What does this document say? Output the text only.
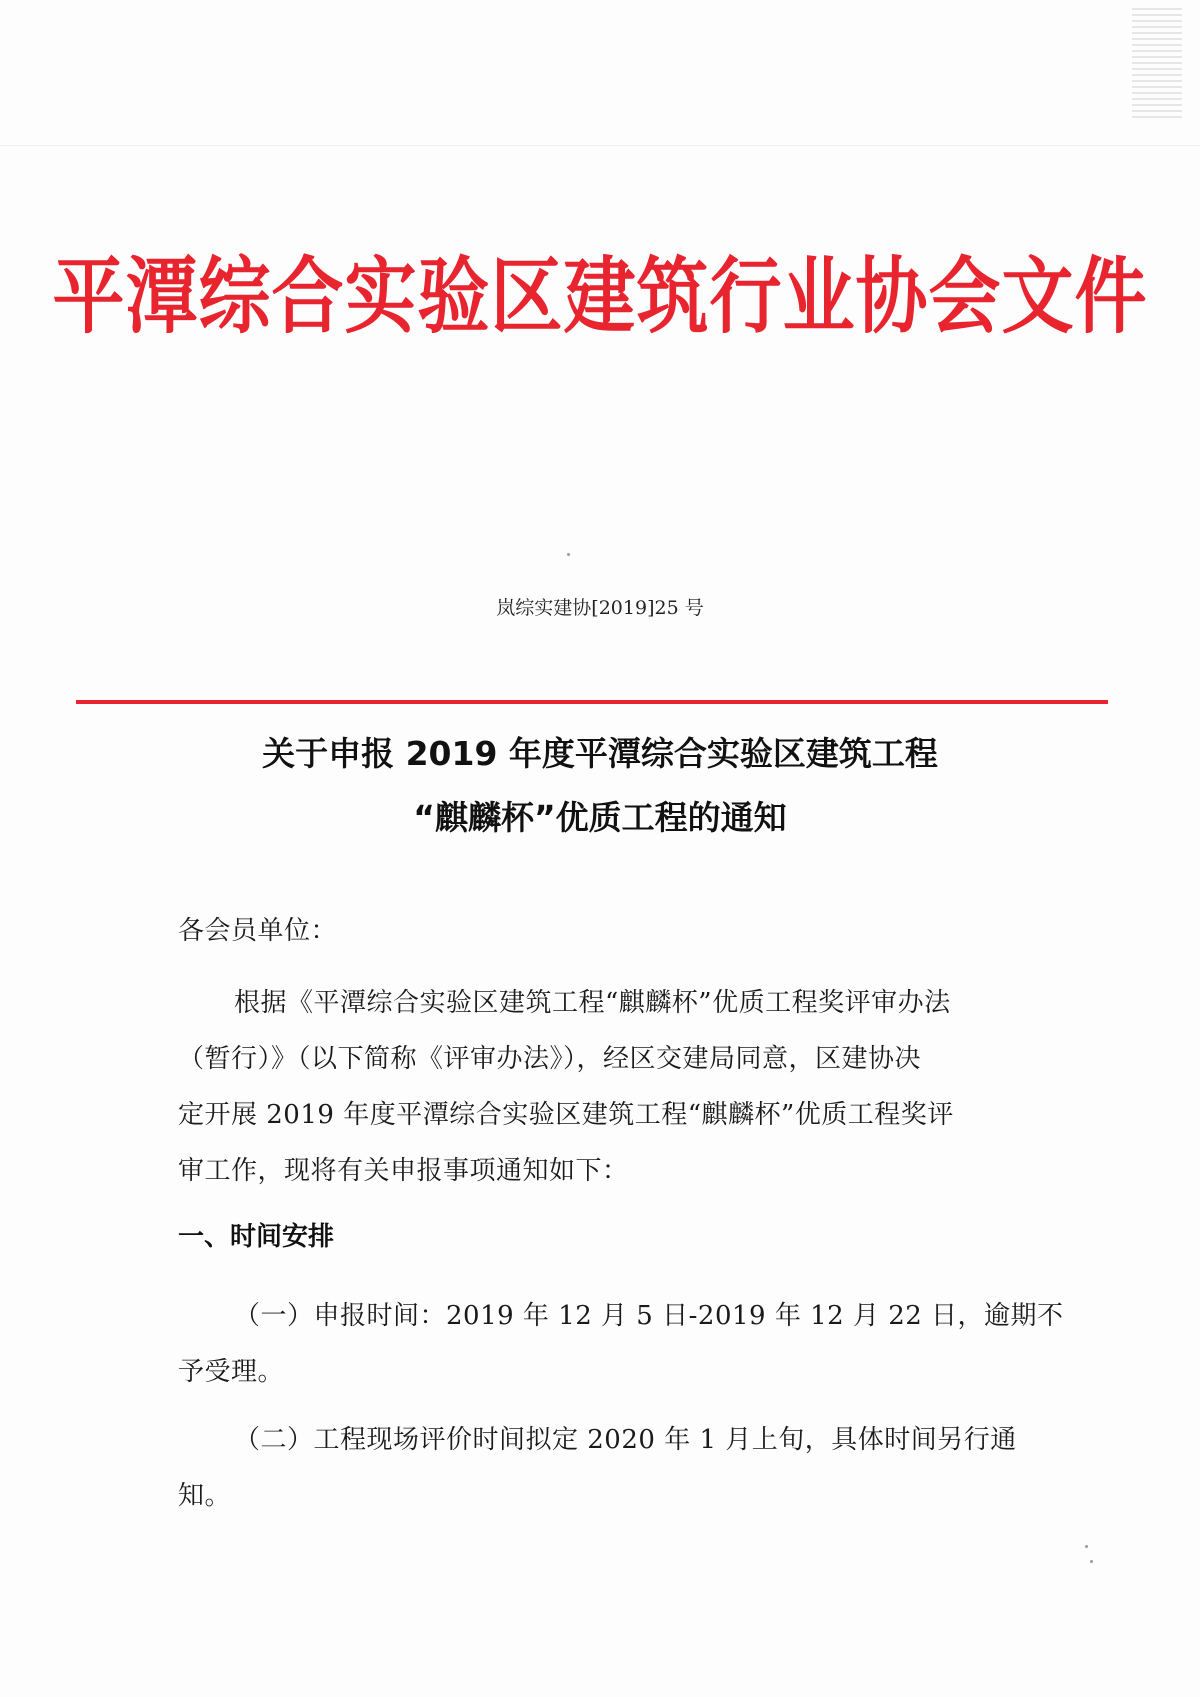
平潭综合实验区建筑行业协会文件
岚综实建协[2019]25 号
关于申报 2019 年度平潭综合实验区建筑工程
“麒麟杯”优质工程的通知
各会员单位：
根据《平潭综合实验区建筑工程“麒麟杯”优质工程奖评审办法
（暂行）》（以下简称《评审办法》），经区交建局同意，区建协决
定开展 2019 年度平潭综合实验区建筑工程“麒麟杯”优质工程奖评
审工作，现将有关申报事项通知如下：
一、时间安排
（一）申报时间：2019 年 12 月 5 日-2019 年 12 月 22 日，逾期不
予受理。
（二）工程现场评价时间拟定 2020 年 1 月上旬，具体时间另行通
知。
